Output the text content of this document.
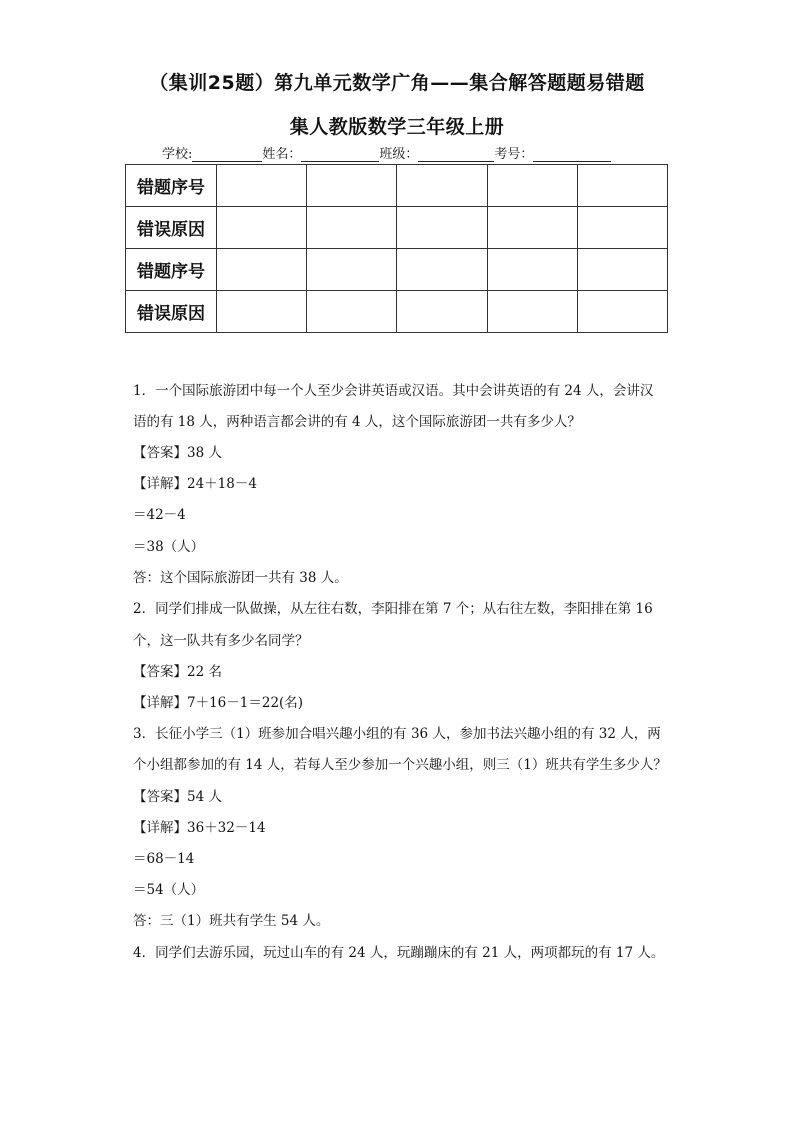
（集训25题）第九单元数学广角——集合解答题题易错题
集人教版数学三年级上册
学校:	姓名：	班级：	考号：
错题序号					
错误原因					
错题序号					
错误原因					
1．一个国际旅游团中每一个人至少会讲英语或汉语。其中会讲英语的有 24 人，会讲汉
语的有 18 人，两种语言都会讲的有 4 人，这个国际旅游团一共有多少人？
【答案】38 人
【详解】24＋18－4
＝42－4
＝38（人）
答：这个国际旅游团一共有 38 人。
2．同学们排成一队做操，从左往右数，李阳排在第 7 个；从右往左数，李阳排在第 16
个，这一队共有多少名同学？
【答案】22 名
【详解】7＋16－1＝22(名)
3．长征小学三（1）班参加合唱兴趣小组的有 36 人，参加书法兴趣小组的有 32 人，两
个小组都参加的有 14 人，若每人至少参加一个兴趣小组，则三（1）班共有学生多少人？
【答案】54 人
【详解】36＋32－14
＝68－14
＝54（人）
答：三（1）班共有学生 54 人。
4．同学们去游乐园，玩过山车的有 24 人，玩蹦蹦床的有 21 人，两项都玩的有 17 人。
